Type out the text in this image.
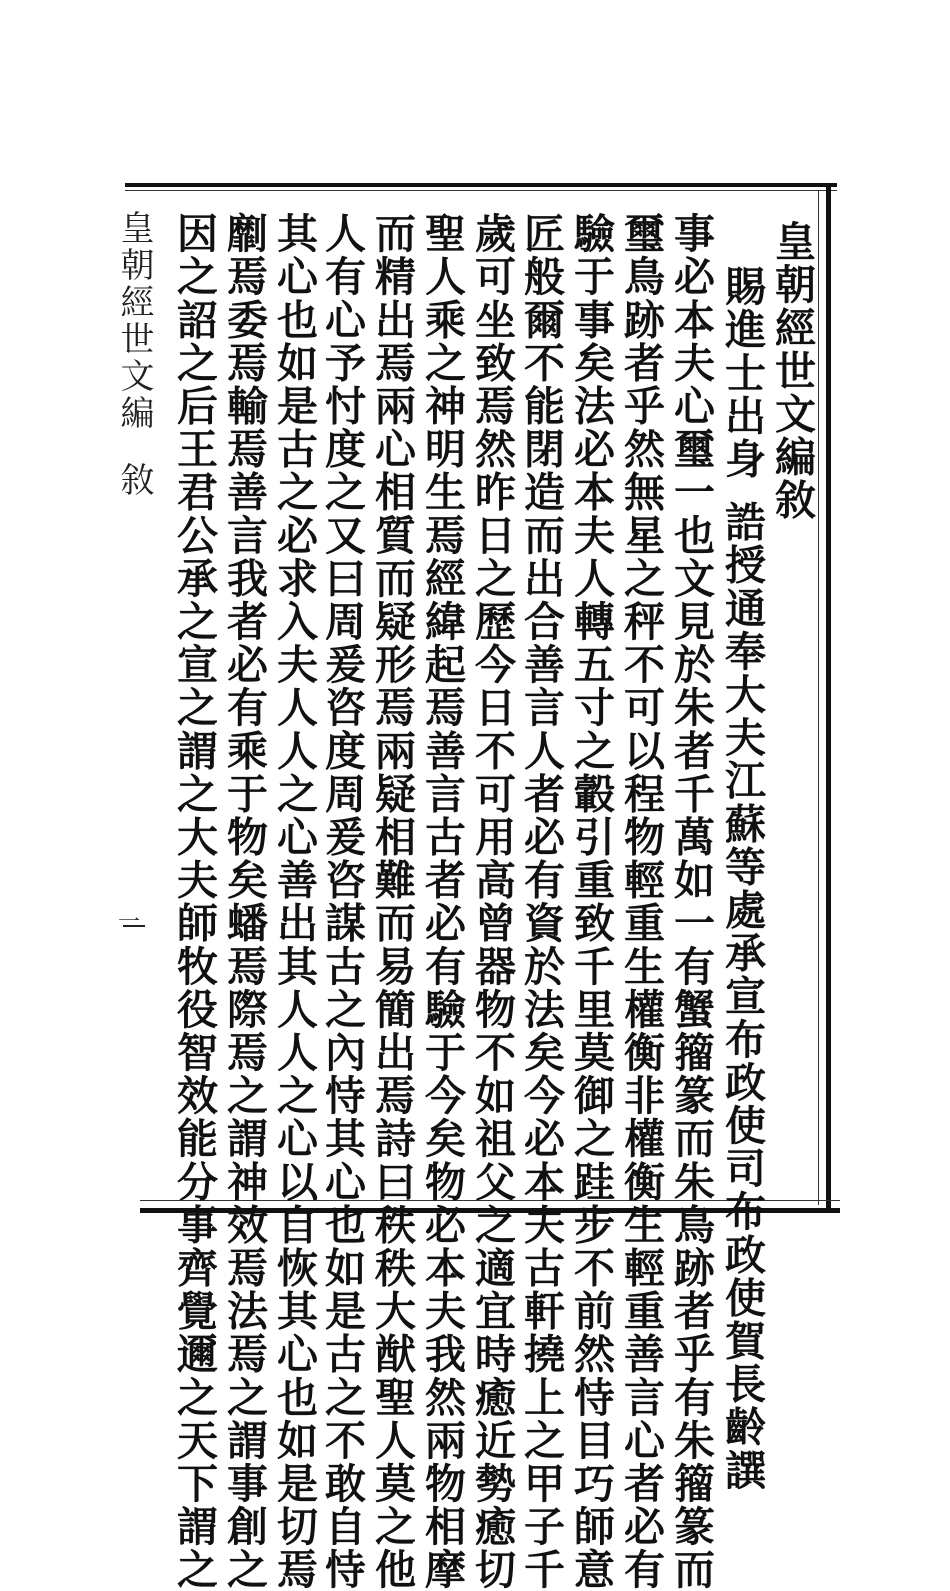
皇朝經世文編敘	皇朝經世文編敘
賜進士出身誥授通奉大夫江蘇等處承宣布政使司布政使賀長齡譔
事必本夫心璽一也文見於朱者千萬如一有蟹籀篆而朱鳥跡者乎有朱籀篆而
璽鳥跡者乎然無星之秤不可以程物輕重生權衡非權衡生輕重善言心者必有
驗于事矣法必本夫人轉五寸之轂引重致千里莫御之跬步不前然恃目巧師意
匠般爾不能閉造而出合善言人者必有資於法矣今必本夫古軒撓上之甲子千
歲可坐致焉然昨日之歷今日不可用高曾器物不如祖父之適宜時癒近勢癒切
聖人乘之神明生焉經緯起焉善言古者必有驗于今矣物必本夫我然兩物相摩
而精出焉兩心相質而疑形焉兩疑相難而易簡出焉詩曰秩秩大猷聖人莫之他
人有心予忖度之又曰周爰咨度周爰咨謀古之內恃其心也如是古之不敢自恃
其心也如是古之必求入夫人人之心善出其人人之心以自恢其心也如是切焉
劘焉委焉輸焉善言我者必有乘于物矣蟠焉際焉之謂神效焉法焉之謂事創之
因之詔之后王君公承之宣之謂之大夫師牧役智效能分事齊覺邇之天下謂之
一
